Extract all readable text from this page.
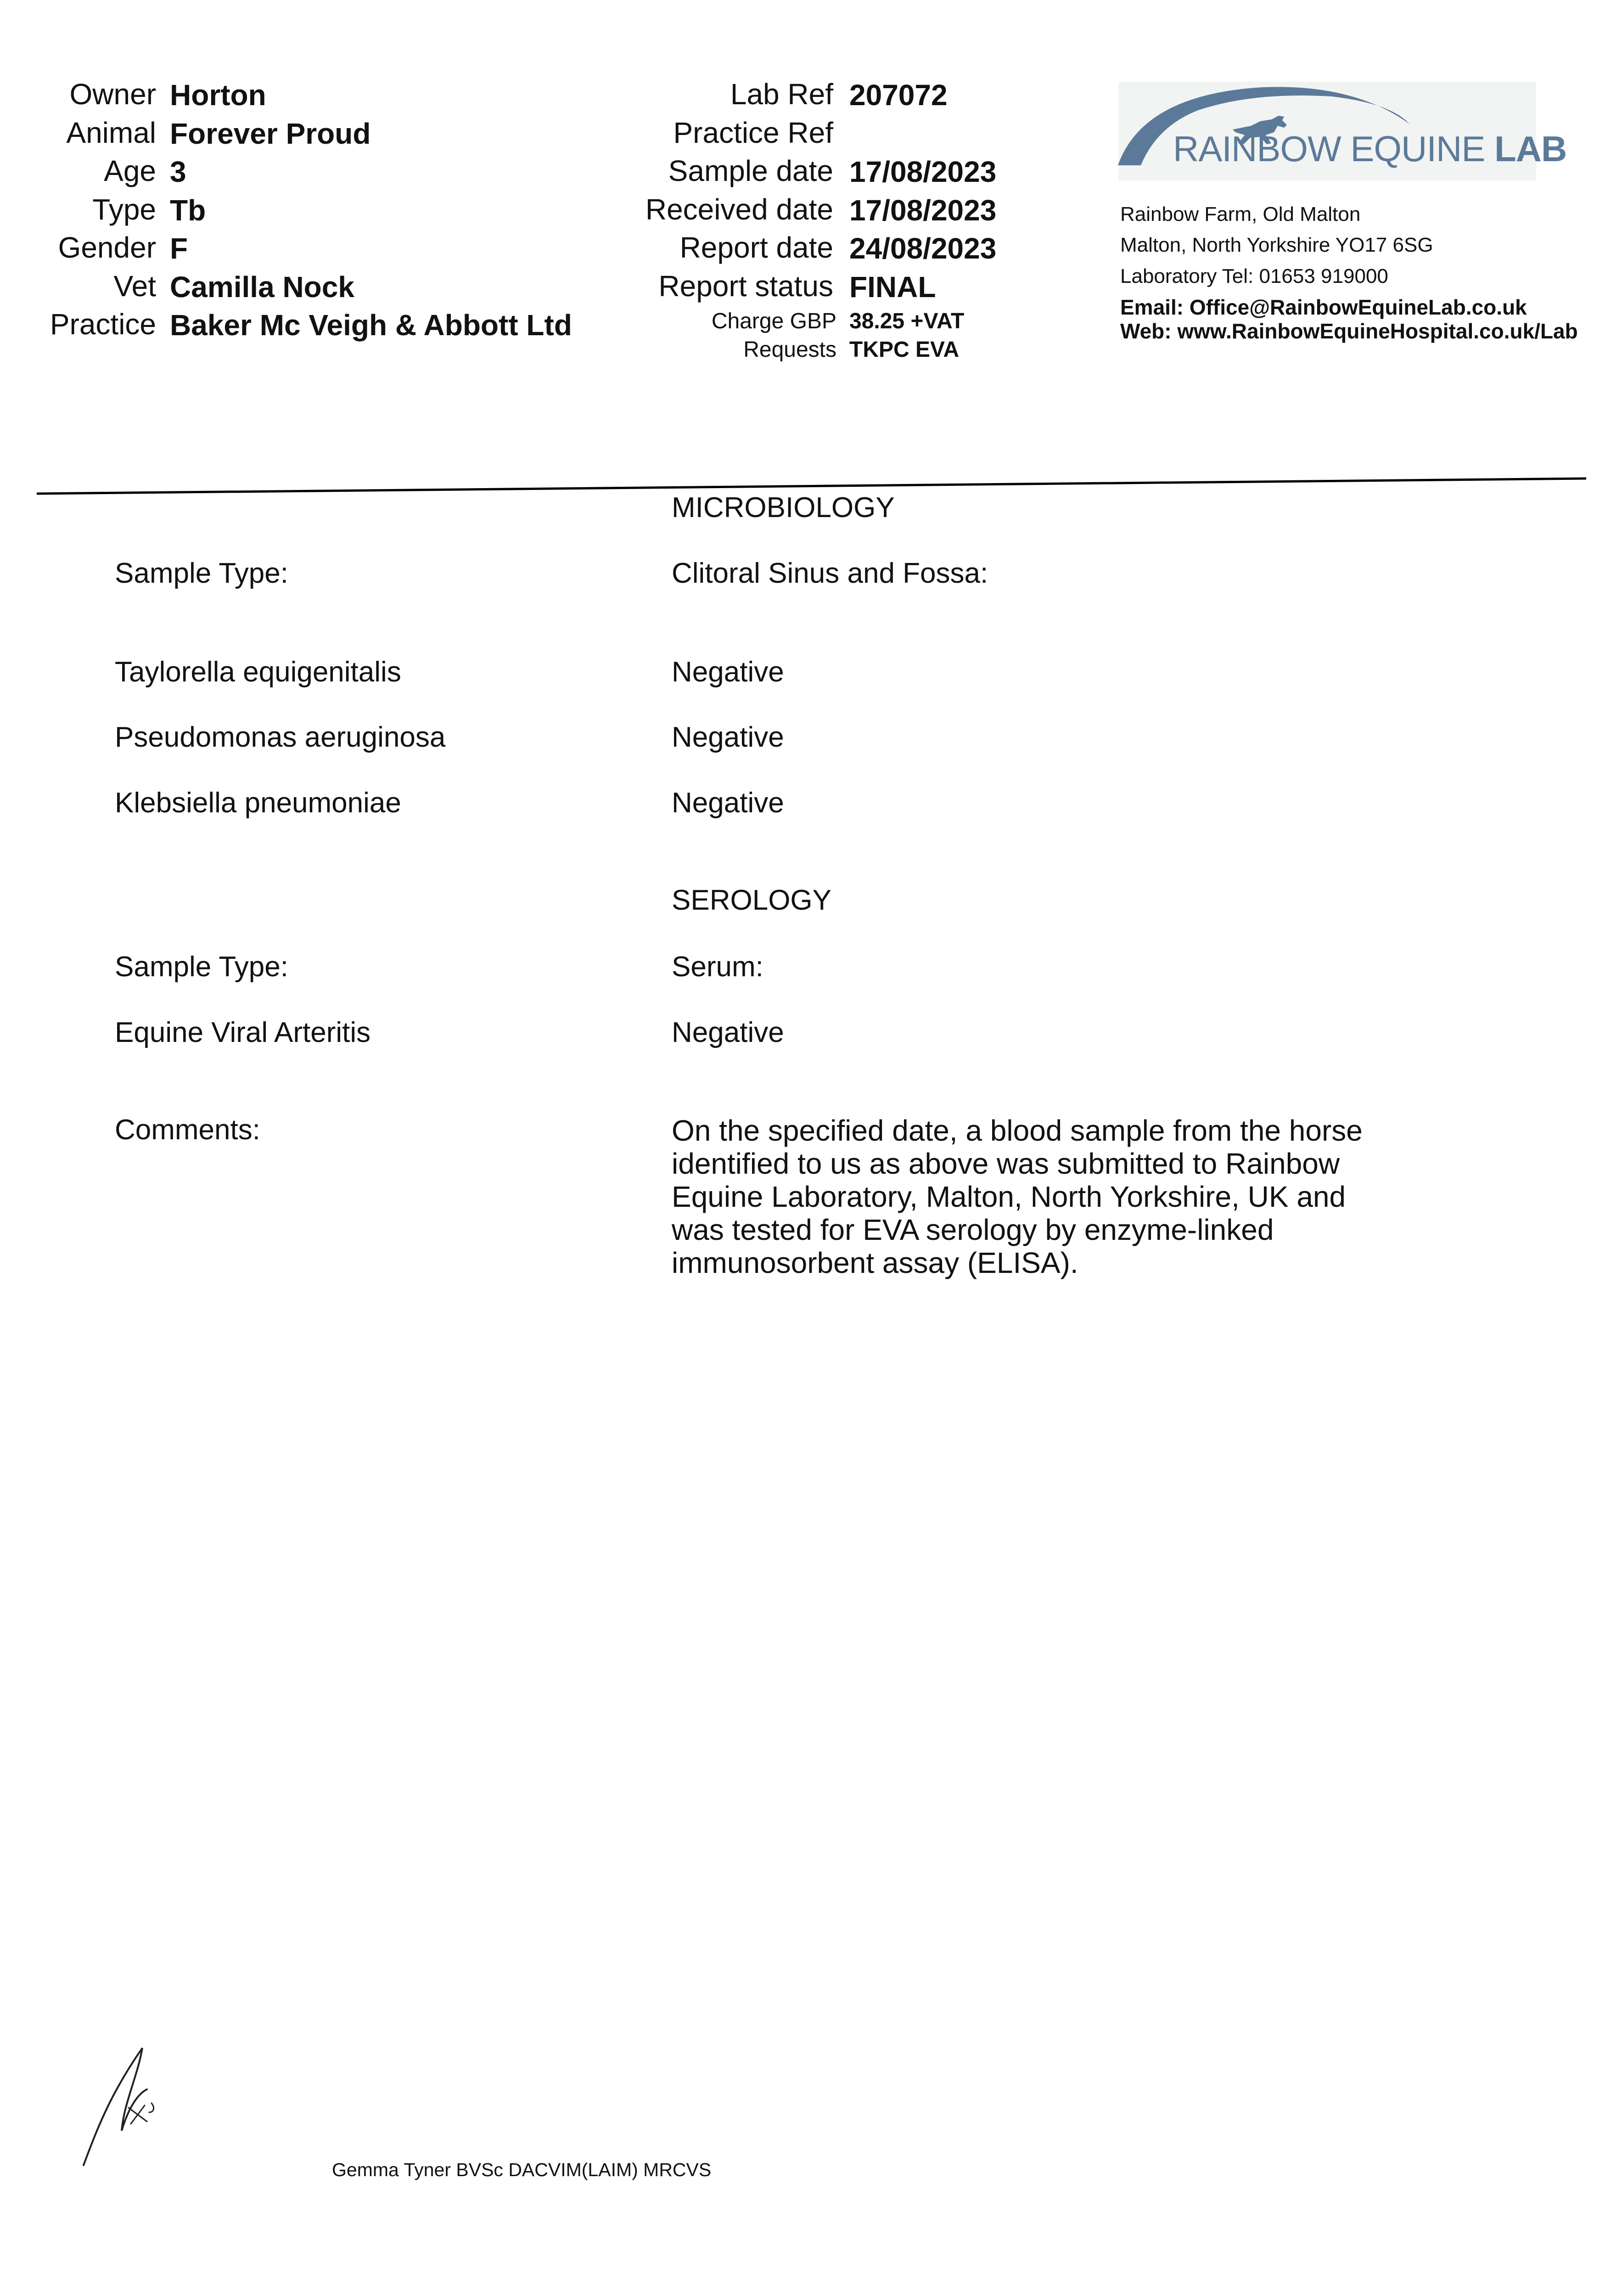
Owner Horton
Animal Forever Proud
Age 3
Type Tb
Gender F
Vet Camilla Nock
Practice Baker Mc Veigh & Abbott Ltd
Lab Ref 207072
Practice Ref
Sample date 17/08/2023
Received date 17/08/2023
Report date 24/08/2023
Report status FINAL
Charge GBP 38.25 +VAT
Requests TKPC EVA
RAINBOW EQUINE LAB
Rainbow Farm, Old Malton
Malton, North Yorkshire YO17 6SG
Laboratory Tel: 01653 919000
Email: Office@RainbowEquineLab.co.uk
Web: www.RainbowEquineHospital.co.uk/Lab
MICROBIOLOGY
Sample Type:	Clitoral Sinus and Fossa:
Taylorella equigenitalis	Negative
Pseudomonas aeruginosa	Negative
Klebsiella pneumoniae	Negative
SEROLOGY
Sample Type:	Serum:
Equine Viral Arteritis	Negative
Comments:	On the specified date, a blood sample from the horse identified to us as above was submitted to Rainbow Equine Laboratory, Malton, North Yorkshire, UK and was tested for EVA serology by enzyme-linked immunosorbent assay (ELISA).
Gemma Tyner BVSc DACVIM(LAIM) MRCVS
